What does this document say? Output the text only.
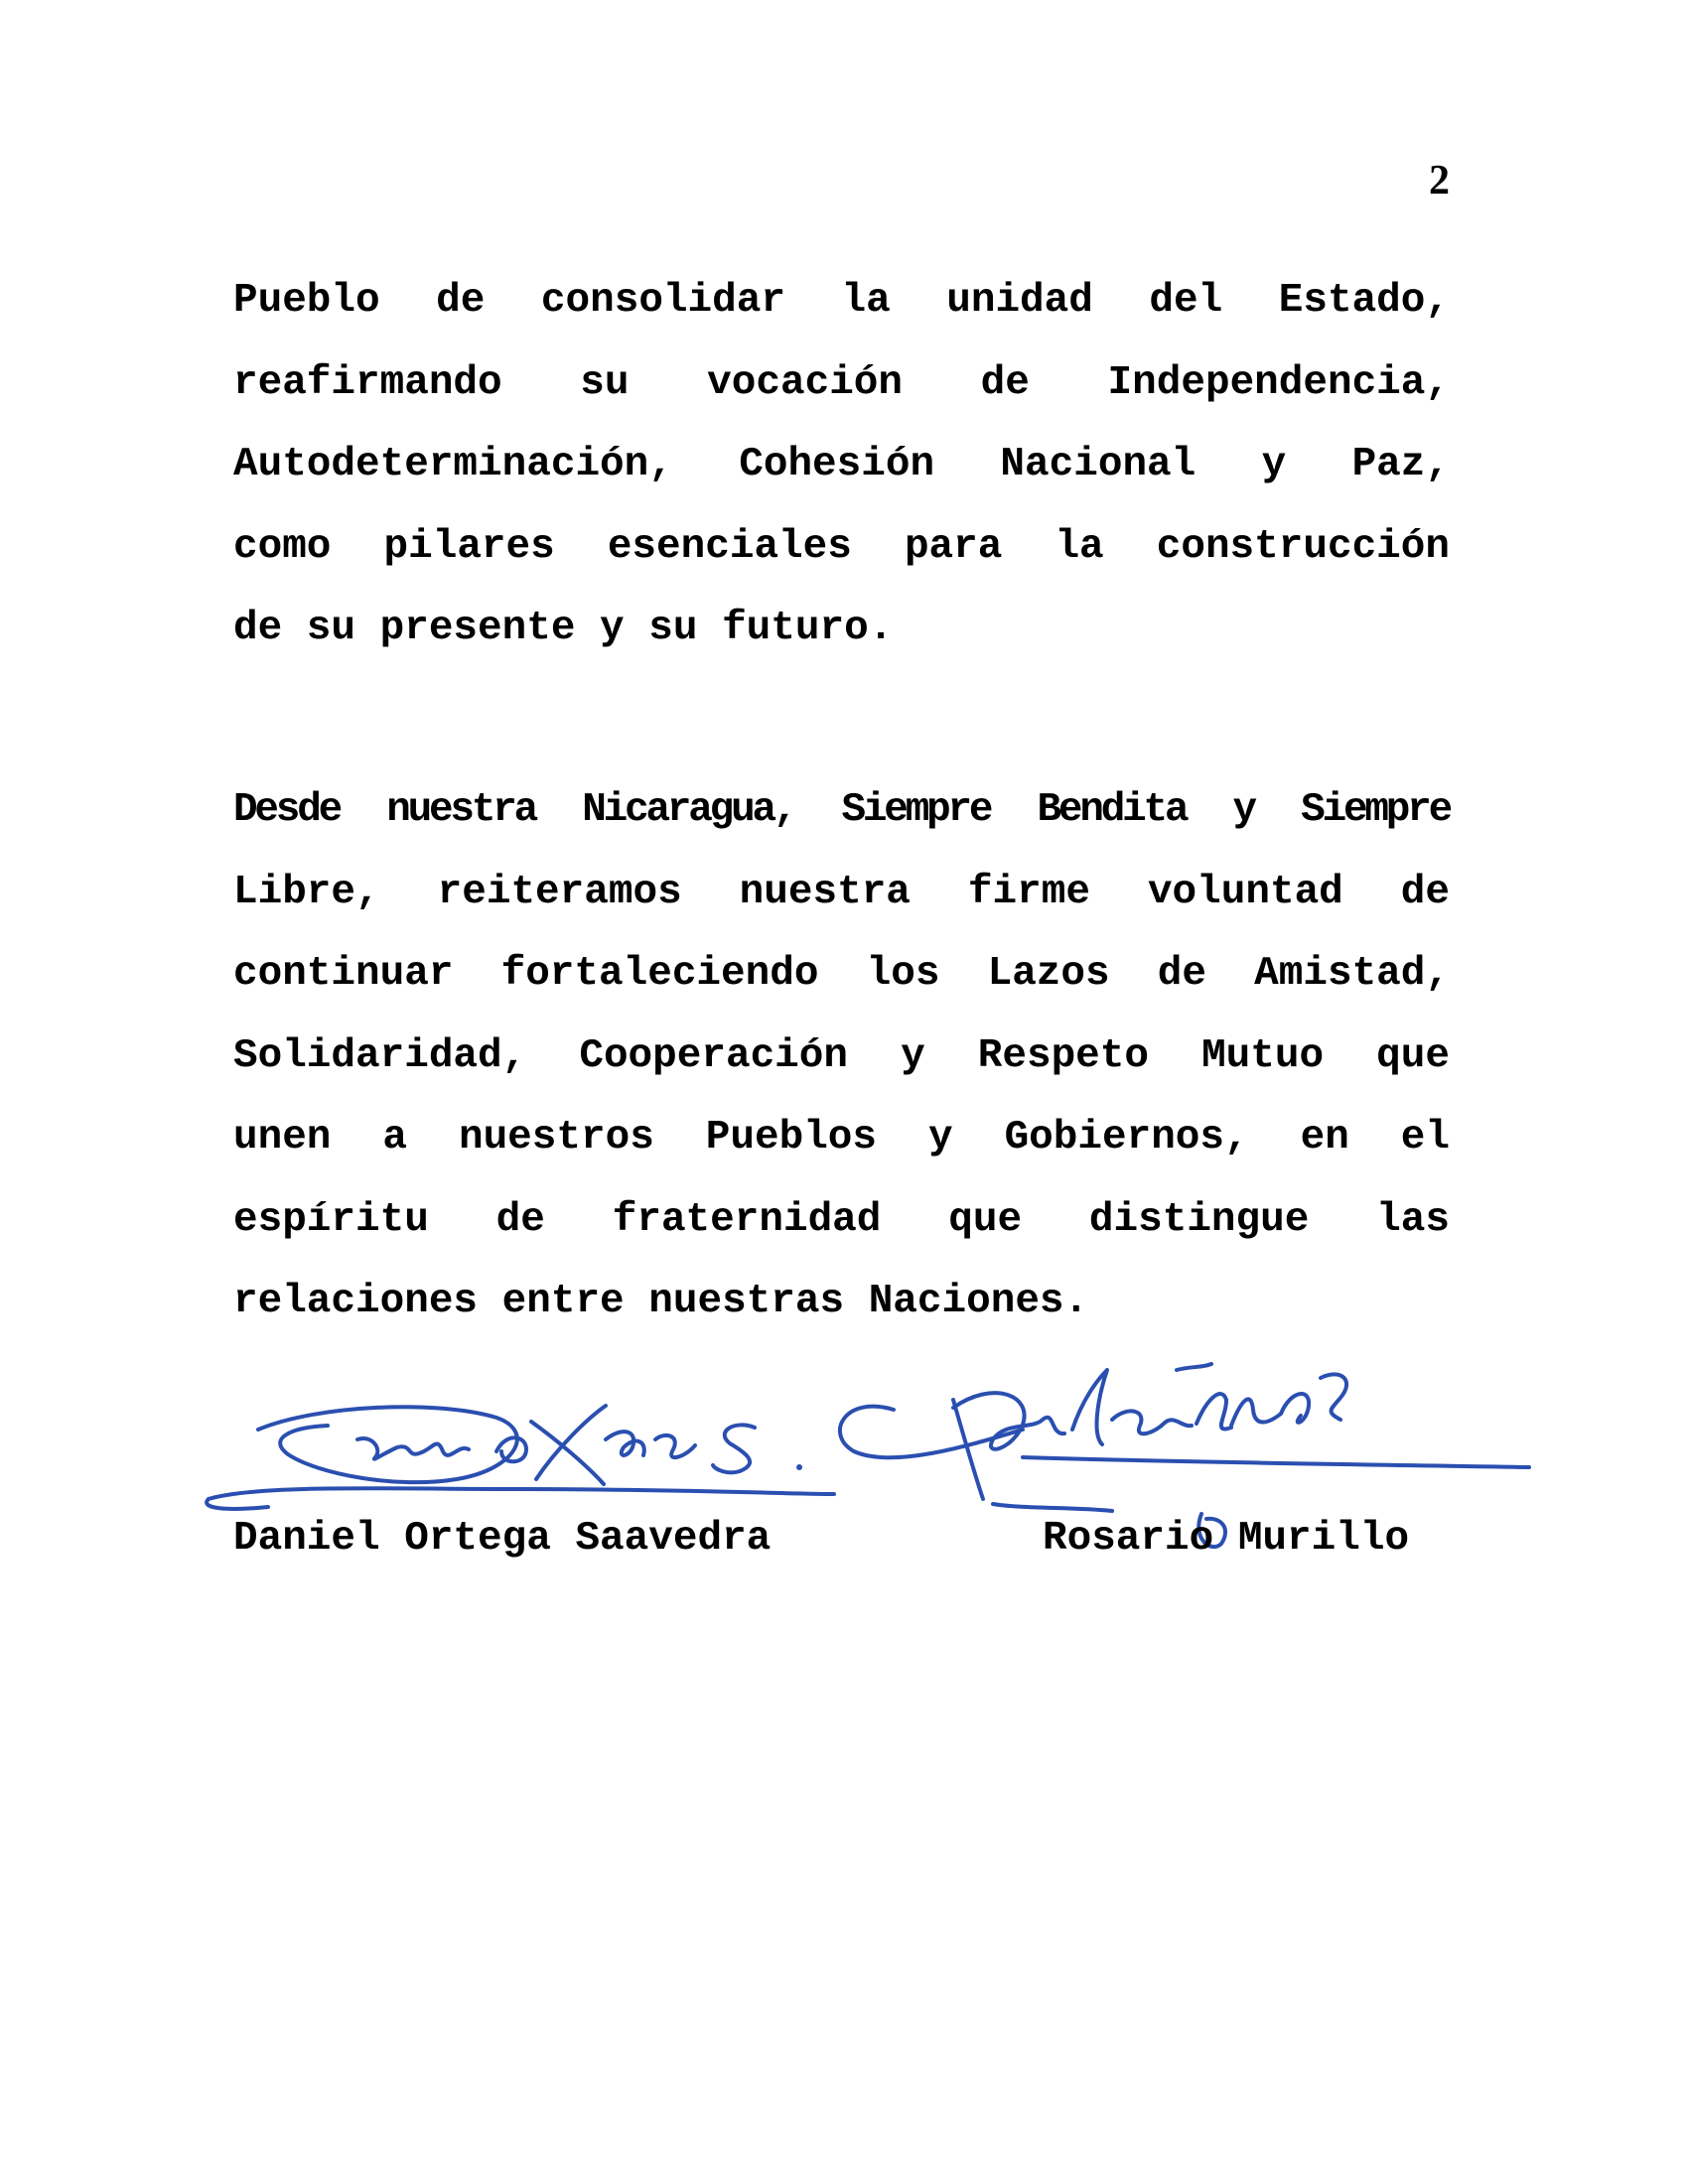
2
Pueblo de consolidar la unidad del Estado,
reafirmando su vocación de Independencia,
Autodeterminación, Cohesión Nacional y Paz,
como pilares esenciales para la construcción
de su presente y su futuro.
Desde nuestra Nicaragua, Siempre Bendita y Siempre
Libre, reiteramos nuestra firme voluntad de
continuar fortaleciendo los Lazos de Amistad,
Solidaridad, Cooperación y Respeto Mutuo que
unen a nuestros Pueblos y Gobiernos, en el
espíritu de fraternidad que distingue las
relaciones entre nuestras Naciones.
Daniel Ortega Saavedra	Rosario Murillo
